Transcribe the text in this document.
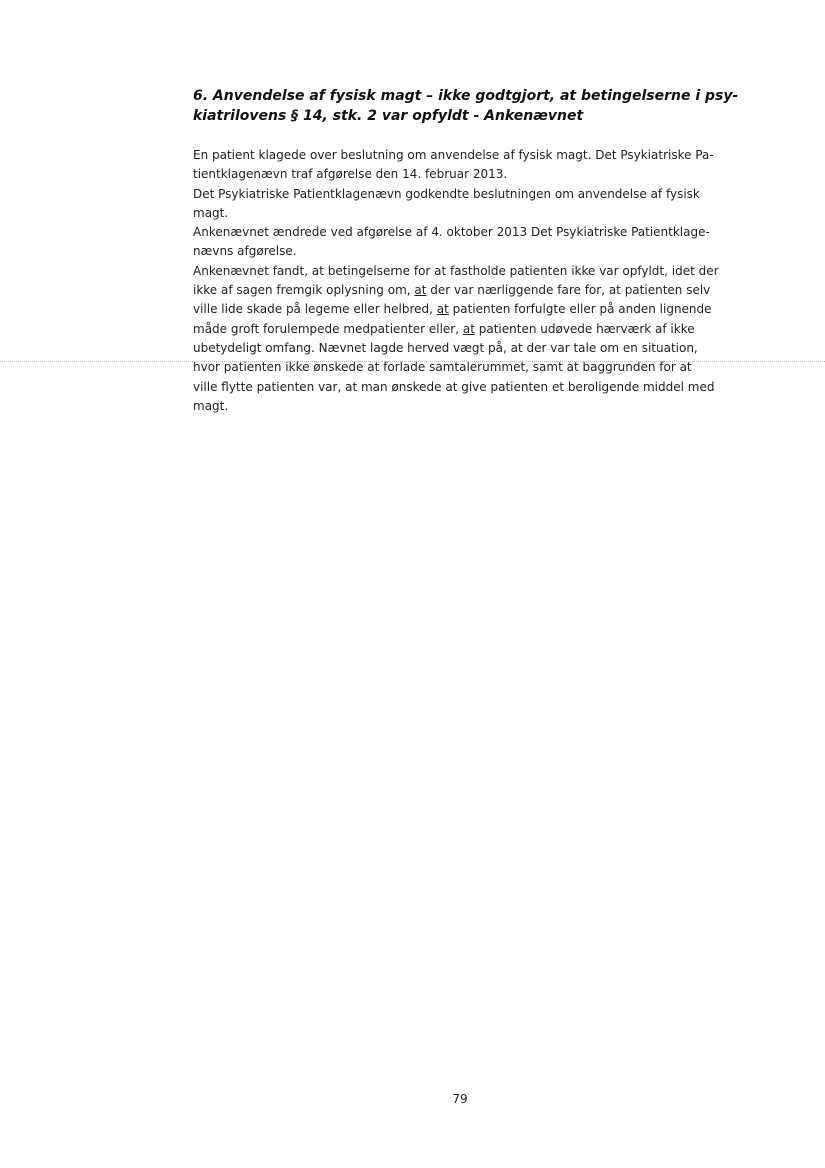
6. Anvendelse af fysisk magt – ikke godtgjort, at betingelserne i psy-
kiatrilovens § 14, stk. 2 var opfyldt - Ankenævnet
En patient klagede over beslutning om anvendelse af fysisk magt. Det Psykiatriske Pa-
tientklagenævn traf afgørelse den 14. februar 2013.
Det Psykiatriske Patientklagenævn godkendte beslutningen om anvendelse af fysisk
magt.
Ankenævnet ændrede ved afgørelse af 4. oktober 2013 Det Psykiatriske Patientklage-
nævns afgørelse.
Ankenævnet fandt, at betingelserne for at fastholde patienten ikke var opfyldt, idet der
ikke af sagen fremgik oplysning om, at der var nærliggende fare for, at patienten selv
ville lide skade på legeme eller helbred, at patienten forfulgte eller på anden lignende
måde groft forulempede medpatienter eller, at patienten udøvede hærværk af ikke
ubetydeligt omfang. Nævnet lagde herved vægt på, at der var tale om en situation,
hvor patienten ikke ønskede at forlade samtalerummet, samt at baggrunden for at
ville flytte patienten var, at man ønskede at give patienten et beroligende middel med
magt.
79
